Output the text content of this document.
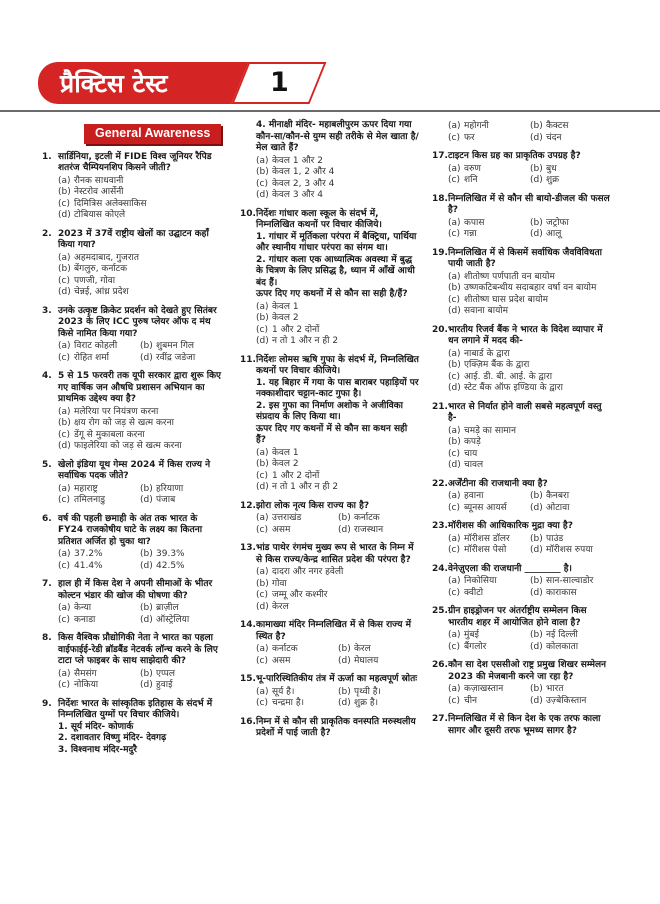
प्रैक्टिस टेस्ट	1
General Awareness
1. सार्डिनिया, इटली में FIDE विश्व जूनियर रैपिड शतरंज चैम्पियनशिप किसने जीती?
(a) रौनक साधवानी
(b) नेस्टरोव आर्सेनी
(c) दिमित्रिस अलेक्साकिस
(d) टोबियास कोएले
2. 2023 में 37वें राष्ट्रीय खेलों का उद्घाटन कहाँ किया गया?
(a) अहमदाबाद, गुजरात
(b) बेंगलुरु, कर्नाटक
(c) पणजी, गोवा
(d) चेन्नई, आंध्र प्रदेश
3. उनके उत्कृष्ट क्रिकेट प्रदर्शन को देखते हुए सितंबर 2023 के लिए ICC पुरुष प्लेयर ऑफ द मंथ किसे नामित किया गया?
(a) विराट कोहली	(b) शुबमन गिल
(c) रोहित शर्मा	(d) रवींद्र जडेजा
4. 5 से 15 फरवरी तक यूपी सरकार द्वारा शुरू किए गए वार्षिक जन औषधि प्रशासन अभियान का प्राथमिक उद्देश्य क्या है?
(a) मलेरिया पर नियंत्रण करना
(b) क्षय रोग को जड़ से खत्म करना
(c) डेंगू से मुकाबला करना
(d) फाइलेरिया को जड़ से खत्म करना
5. खेलो इंडिया यूथ गेम्स 2024 में किस राज्य ने सर्वाधिक पदक जीते?
(a) महाराष्ट्र	(b) हरियाणा
(c) तमिलनाडु	(d) पंजाब
6. वर्ष की पहली छमाही के अंत तक भारत के FY24 राजकोषीय घाटे के लक्ष्य का कितना प्रतिशत अर्जित हो चुका था?
(a) 37.2%	(b) 39.3%
(c) 41.4%	(d) 42.5%
7. हाल ही में किस देश ने अपनी सीमाओं के भीतर कोल्टन भंडार की खोज की घोषणा की?
(a) केन्या	(b) ब्राज़ील
(c) कनाडा	(d) ऑस्ट्रेलिया
8. किस वैश्विक प्रौद्योगिकी नेता ने भारत का पहला वाईफाईई-रेडी ब्रॉडबैंड नेटवर्क लॉन्च करने के लिए टाटा प्ले फाइबर के साथ साझेदारी की?
(a) सैमसंग	(b) एप्पल
(c) नोकिया	(d) हुवाई
9. निर्देशः भारत के सांस्कृतिक इतिहास के संदर्भ में निम्नलिखित युग्मों पर विचार कीजिये।
1. सूर्य मंदिर- कोणार्क
2. दशावतार विष्णु मंदिर- देवगढ़
3. विश्वनाथ मंदिर-मदुरै
4. मीनाक्षी मंदिर- महाबलीपुरम ऊपर दिया गया कौन-सा/कौन-से युग्म सही तरीके से मेल खाता है/मेल खाते हैं?
(a) केवल 1 और 2
(b) केवल 1, 2 और 4
(c) केवल 2, 3 और 4
(d) केवल 3 और 4
10. निर्देशः गांधार कला स्कूल के संदर्भ में, निम्नलिखित कथनों पर विचार कीजिये।
1. गांधार में मूर्तिकला परंपरा में बैक्ट्रिया, पार्थिया और स्थानीय गांधार परंपरा का संगम था।
2. गांधार कला एक आध्यात्मिक अवस्था में बुद्ध के चित्रण के लिए प्रसिद्ध है, ध्यान में आँखें आधी बंद हैं।
ऊपर दिए गए कथनों में से कौन सा सही है/हैं?
(a) केवल 1
(b) केवल 2
(c) 1 और 2 दोनों
(d) न तो 1 और न ही 2
11. निर्देशः लोमस ऋषि गुफा के संदर्भ में, निम्नलिखित कथनों पर विचार कीजिये।
1. यह बिहार में गया के पास बाराबर पहाड़ियों पर नक्काशीदार चट्टान-काट गुफा है।
2. इस गुफा का निर्माण अशोक ने अजीविका संप्रदाय के लिए किया था।
ऊपर दिए गए कथनों में से कौन सा कथन सही हैं?
(a) केवल 1
(b) केवल 2
(c) 1 और 2 दोनों
(d) न तो 1 और न ही 2
12. झोरा लोक नृत्य किस राज्य का है?
(a) उत्तराखंड	(b) कर्नाटक
(c) असम	(d) राजस्थान
13. भांड पाथेर रंगमंच मुख्य रूप से भारत के निम्न में से किस राज्य/केन्द्र शासित प्रदेश की परंपरा है?
(a) दादरा और नगर हवेली
(b) गोवा
(c) जम्मू और कश्मीर
(d) केरल
14. कामाख्या मंदिर निम्नलिखित में से किस राज्य में स्थित है?
(a) कर्नाटक	(b) केरल
(c) असम	(d) मेघालय
15. भू-पारिस्थितिकीय तंत्र में ऊर्जा का महत्वपूर्ण स्रोतः
(a) सूर्य है।	(b) पृथ्वी है।
(c) चन्द्रमा है।	(d) शुक्र है।
16. निम्न में से कौन सी प्राकृतिक वनस्पति मरुस्थलीय प्रदेशों में पाई जाती है?
(a) महोगनी	(b) कैक्टस
(c) फर	(d) चंदन
17. टाइटन किस ग्रह का प्राकृतिक उपग्रह है?
(a) वरुण	(b) बुध
(c) शनि	(d) शुक्र
18. निम्नलिखित में से कौन सी बायो-डीजल की फसल है?
(a) कपास	(b) जट्रोफा
(c) गन्ना	(d) आलू
19. निम्नलिखित में से किसमें सर्वाधिक जैवविविधता पायी जाती है?
(a) शीतोष्ण पर्णपाती वन बायोम
(b) उष्णकटिबन्धीय सदाबहार वर्षा वन बायोम
(c) शीतोष्ण घास प्रदेश बायोम
(d) सवाना बायोम
20. भारतीय रिजर्व बैंक ने भारत के विदेश व्यापार में धन लगाने में मदद की-
(a) नाबार्ड के द्वारा
(b) एक्ज़िम बैंक के द्वारा
(c) आई. डी. बी. आई. के द्वारा
(d) स्टेट बैंक ऑफ इण्डिया के द्वारा
21. भारत से निर्यात होने वाली सबसे महत्वपूर्ण वस्तु है-
(a) चमड़े का सामान
(b) कपड़े
(c) चाय
(d) चावल
22. अर्जेंटीना की राजधानी क्या है?
(a) हवाना	(b) कैनबरा
(c) ब्यूनस आयर्स	(d) ओटावा
23. मॉरीशस की आधिकारिक मुद्रा क्या है?
(a) मॉरीशस डॉलर	(b) पाउंड
(c) मॉरीशस पेसो	(d) मॉरीशस रुपया
24. वेनेज़ुएला की राजधानी ________ है।
(a) निकोसिया	(b) सान-साल्वाडोर
(c) क्वीटो	(d) काराकास
25. ग्रीन हाइड्रोजन पर अंतर्राष्ट्रीय सम्मेलन किस भारतीय शहर में आयोजित होने वाला है?
(a) मुंबई	(b) नई दिल्ली
(c) बैंगलोर	(d) कोलकाता
26. कौन सा देश एससीओ राष्ट्र प्रमुख शिखर सम्मेलन 2023 की मेजबानी करने जा रहा है?
(a) कज़ाखस्तान	(b) भारत
(c) चीन	(d) उज़्बेकिस्तान
27. निम्नलिखित में से किन देश के एक तरफ काला सागर और दूसरी तरफ भूमध्य सागर है?
